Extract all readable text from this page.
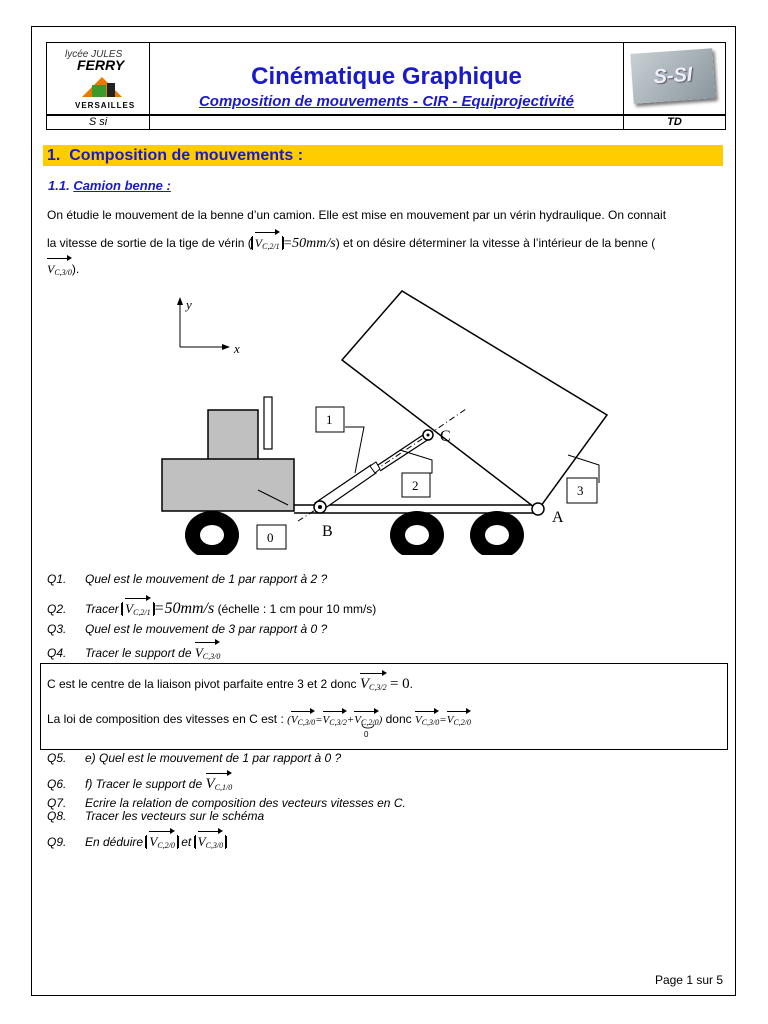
lycée JULES
FERRY
VERSAILLES
S si
Cinématique Graphique
Composition de mouvements - CIR - Equiprojectivité
S-SI
TD
1. Composition de mouvements :
1.1. Camion benne :
On étudie le mouvement de la benne d’un camion. Elle est mise en mouvement par un vérin hydraulique. On connait
la vitesse de sortie de la tige de vérin ( $V_{C,2/1} =50mm/s$) et on désire déterminer la vitesse à l’intérieur de la benne (
$V_{C,3/0}$).
y
x
1
2	3
0
C
B
A
Q1. Quel est le mouvement de 1 par rapport à 2 ?
Q2. Tracer $V_{C,2/1} =50mm/s$ (échelle : 1 cm pour 10 mm/s)
Q3. Quel est le mouvement de 3 par rapport à 0 ?
Q4. Tracer le support de $V_{C,3/0}$
C est le centre de la liaison pivot parfaite entre 3 et 2 donc $V_{C,3/2} = 0$.
La loi de composition des vitesses en C est : $(V_{C,3/0}=V_{C,3/2}+V_{C,2/0})$ donc $V_{C,3/0}=V_{C,2/0}$
0
Q5. e) Quel est le mouvement de 1 par rapport à 0 ?
Q6. f) Tracer le support de $V_{C,1/0}$
Q7. Ecrire la relation de composition des vecteurs vitesses en C.
Q8. Tracer les vecteurs sur le schéma
Q9. En déduire $V_{C,2/0}$ et $V_{C,3/0}$
Page 1 sur 5
